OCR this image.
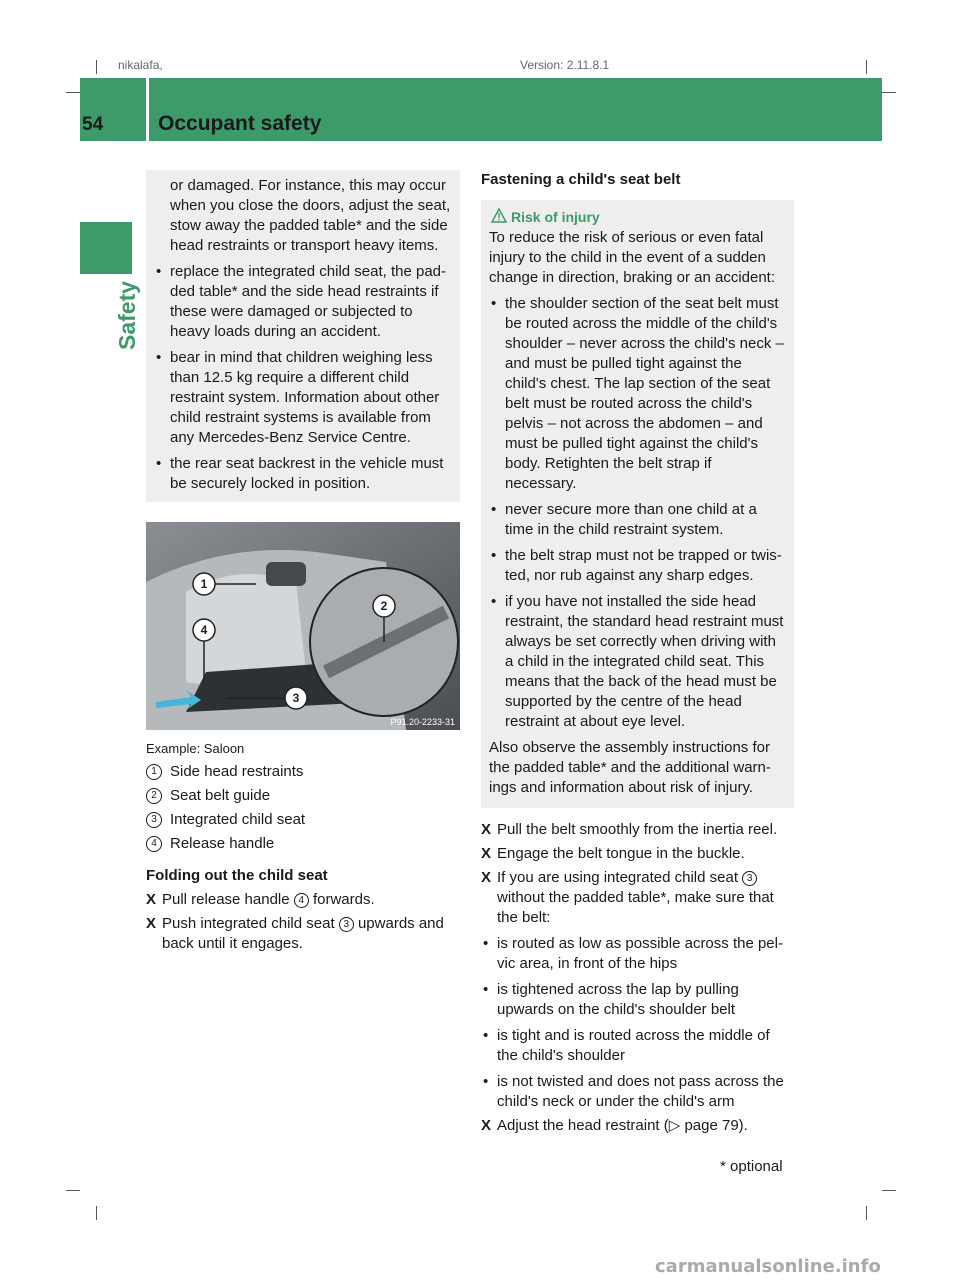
nikalafa,	Version: 2.11.8.1
54	Occupant safety
Safety
or damaged. For instance, this may occur when you close the doors, adjust the seat, stow away the padded table* and the side head restraints or transport heavy items.
• replace the integrated child seat, the pad-ded table* and the side head restraints if these were damaged or subjected to heavy loads during an accident.
• bear in mind that children weighing less than 12.5 kg require a different child restraint system. Information about other child restraint systems is available from any Mercedes-Benz Service Centre.
• the rear seat backrest in the vehicle must be securely locked in position.
1
2
3
4
P91.20-2233-31
Example: Saloon
1 Side head restraints
2 Seat belt guide
3 Integrated child seat
4 Release handle
Folding out the child seat
X Pull release handle 4 forwards.
X Push integrated child seat 3 upwards and back until it engages.
Fastening a child's seat belt
Risk of injury
To reduce the risk of serious or even fatal injury to the child in the event of a sudden change in direction, braking or an accident:
• the shoulder section of the seat belt must be routed across the middle of the child's shoulder – never across the child's neck – and must be pulled tight against the child's chest. The lap section of the seat belt must be routed across the child's pelvis – not across the abdomen – and must be pulled tight against the child's body. Retighten the belt strap if necessary.
• never secure more than one child at a time in the child restraint system.
• the belt strap must not be trapped or twis-ted, nor rub against any sharp edges.
• if you have not installed the side head restraint, the standard head restraint must always be set correctly when driving with a child in the integrated child seat. This means that the back of the head must be supported by the centre of the head restraint at about eye level.
Also observe the assembly instructions for the padded table* and the additional warn-ings and information about risk of injury.
X Pull the belt smoothly from the inertia reel.
X Engage the belt tongue in the buckle.
X If you are using integrated child seat 3 without the padded table*, make sure that the belt:
• is routed as low as possible across the pel-vic area, in front of the hips
• is tightened across the lap by pulling upwards on the child's shoulder belt
• is tight and is routed across the middle of the child's shoulder
• is not twisted and does not pass across the child's neck or under the child's arm
X Adjust the head restraint (▷ page 79).
* optional
carmanualsonline.info
